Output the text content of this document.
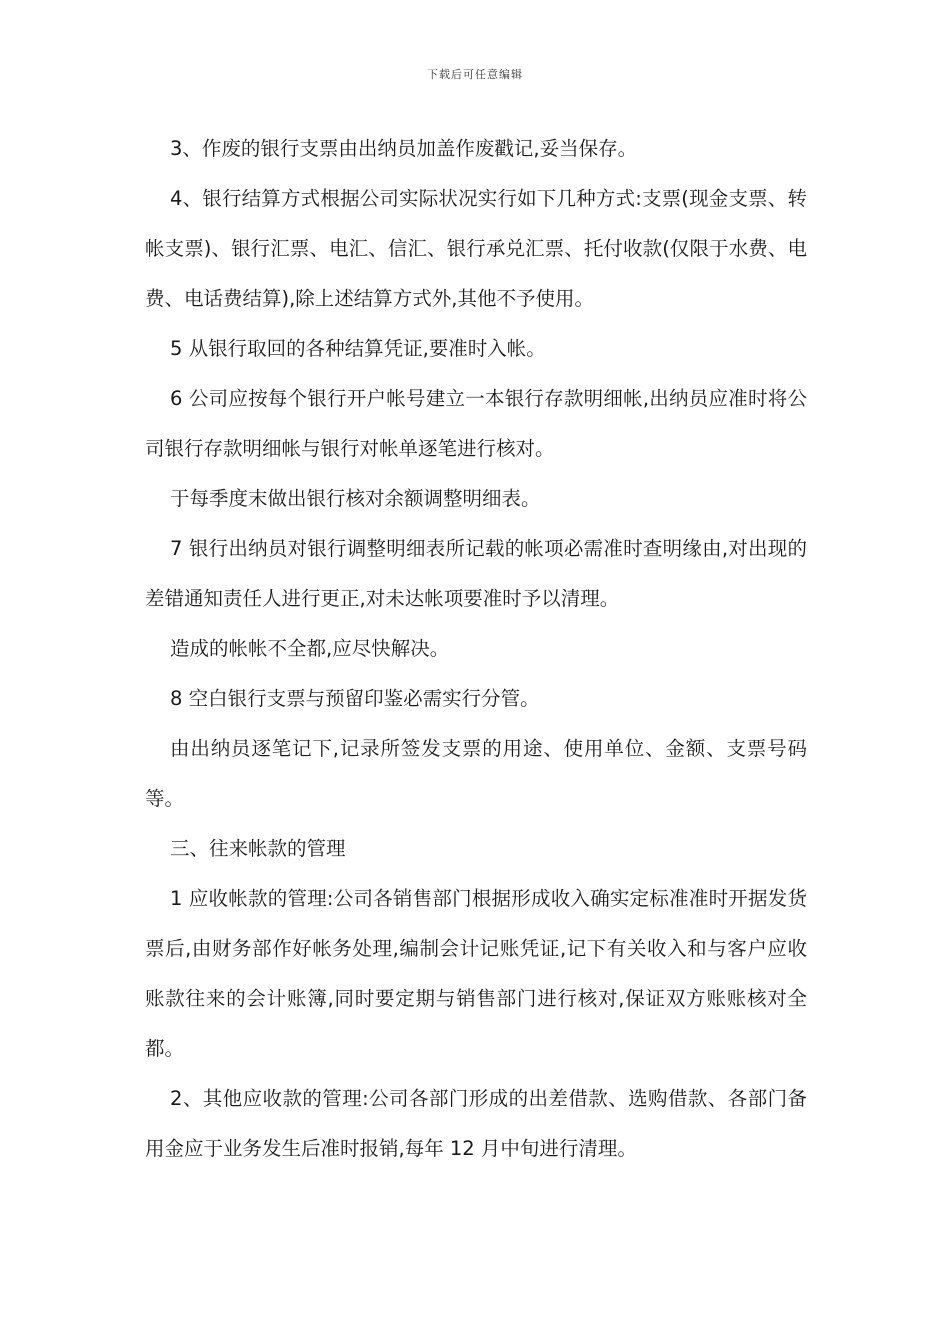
下载后可任意编辑

3、作废的银行支票由出纳员加盖作废戳记,妥当保存。

4、银行结算方式根据公司实际状况实行如下几种方式:支票(现金支票、转帐支票)、银行汇票、电汇、信汇、银行承兑汇票、托付收款(仅限于水费、电费、电话费结算),除上述结算方式外,其他不予使用。

5 从银行取回的各种结算凭证,要准时入帐。

6 公司应按每个银行开户帐号建立一本银行存款明细帐,出纳员应准时将公司银行存款明细帐与银行对帐单逐笔进行核对。

于每季度末做出银行核对余额调整明细表。

7 银行出纳员对银行调整明细表所记载的帐项必需准时查明缘由,对出现的差错通知责任人进行更正,对未达帐项要准时予以清理。

造成的帐帐不全都,应尽快解决。

8 空白银行支票与预留印鉴必需实行分管。

由出纳员逐笔记下,记录所签发支票的用途、使用单位、金额、支票号码等。

三、往来帐款的管理

1 应收帐款的管理:公司各销售部门根据形成收入确实定标准准时开据发货票后,由财务部作好帐务处理,编制会计记账凭证,记下有关收入和与客户应收账款往来的会计账簿,同时要定期与销售部门进行核对,保证双方账账核对全都。

2、其他应收款的管理:公司各部门形成的出差借款、选购借款、各部门备用金应于业务发生后准时报销,每年 12 月中旬进行清理。
